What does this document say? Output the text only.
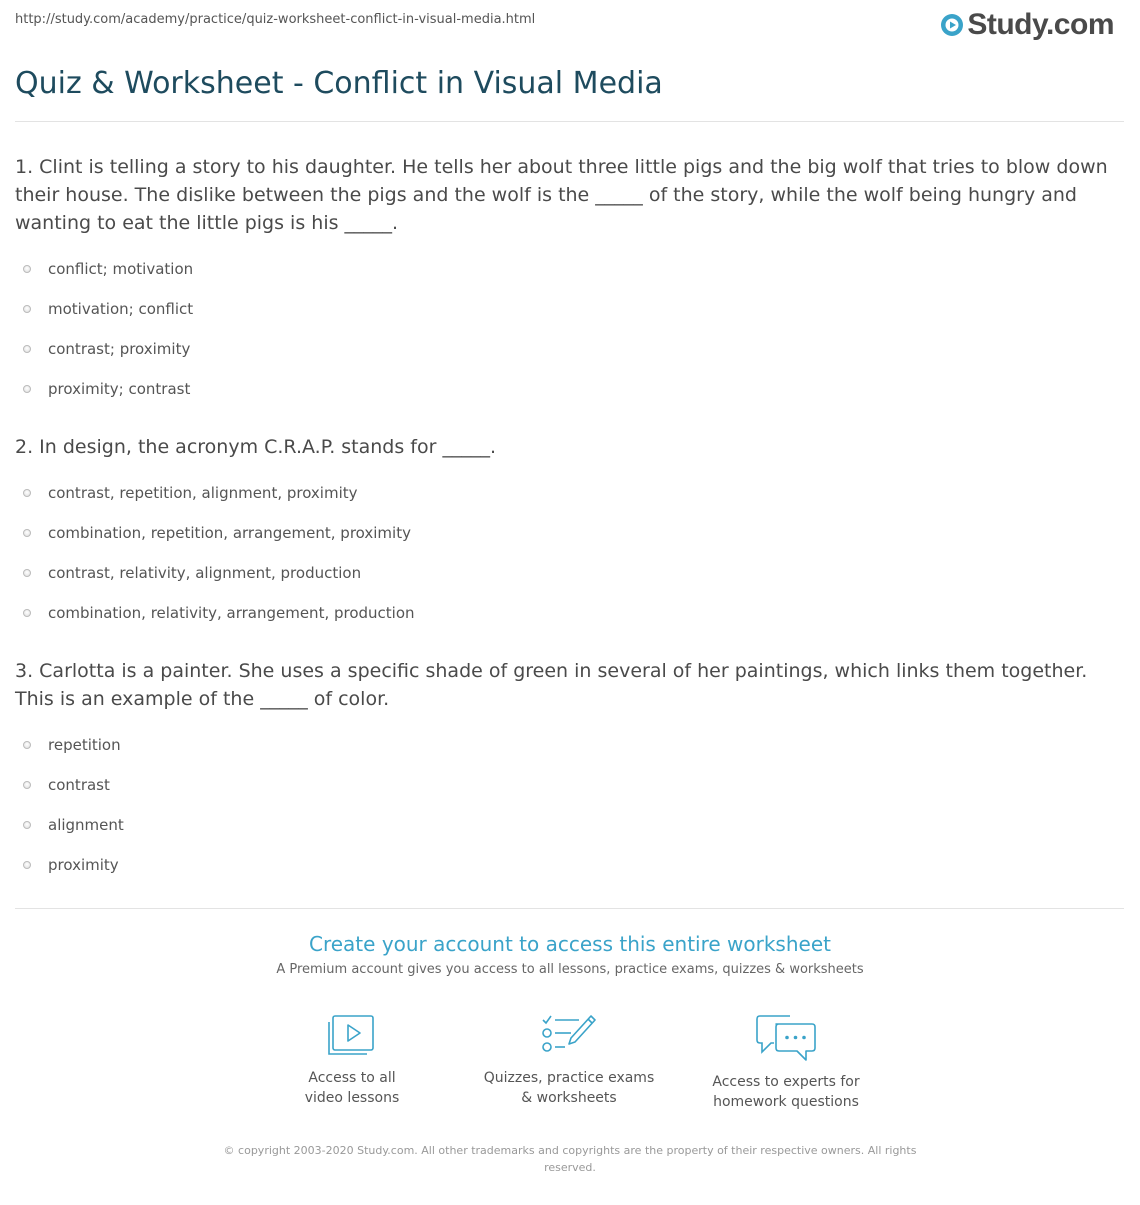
http://study.com/academy/practice/quiz-worksheet-conflict-in-visual-media.html	Study.com
Quiz & Worksheet - Conflict in Visual Media

1. Clint is telling a story to his daughter. He tells her about three little pigs and the big wolf that tries to blow down their house. The dislike between the pigs and the wolf is the _____ of the story, while the wolf being hungry and wanting to eat the little pigs is his _____.

conflict; motivation
motivation; conflict
contrast; proximity
proximity; contrast

2. In design, the acronym C.R.A.P. stands for _____.

contrast, repetition, alignment, proximity
combination, repetition, arrangement, proximity
contrast, relativity, alignment, production
combination, relativity, arrangement, production

3. Carlotta is a painter. She uses a specific shade of green in several of her paintings, which links them together. This is an example of the _____ of color.

repetition
contrast
alignment
proximity
Create your account to access this entire worksheet
A Premium account gives you access to all lessons, practice exams, quizzes & worksheets
Access to all
video lessons
Quizzes, practice exams
& worksheets
Access to experts for
homework questions
© copyright 2003-2020 Study.com. All other trademarks and copyrights are the property of their respective owners. All rights reserved.
